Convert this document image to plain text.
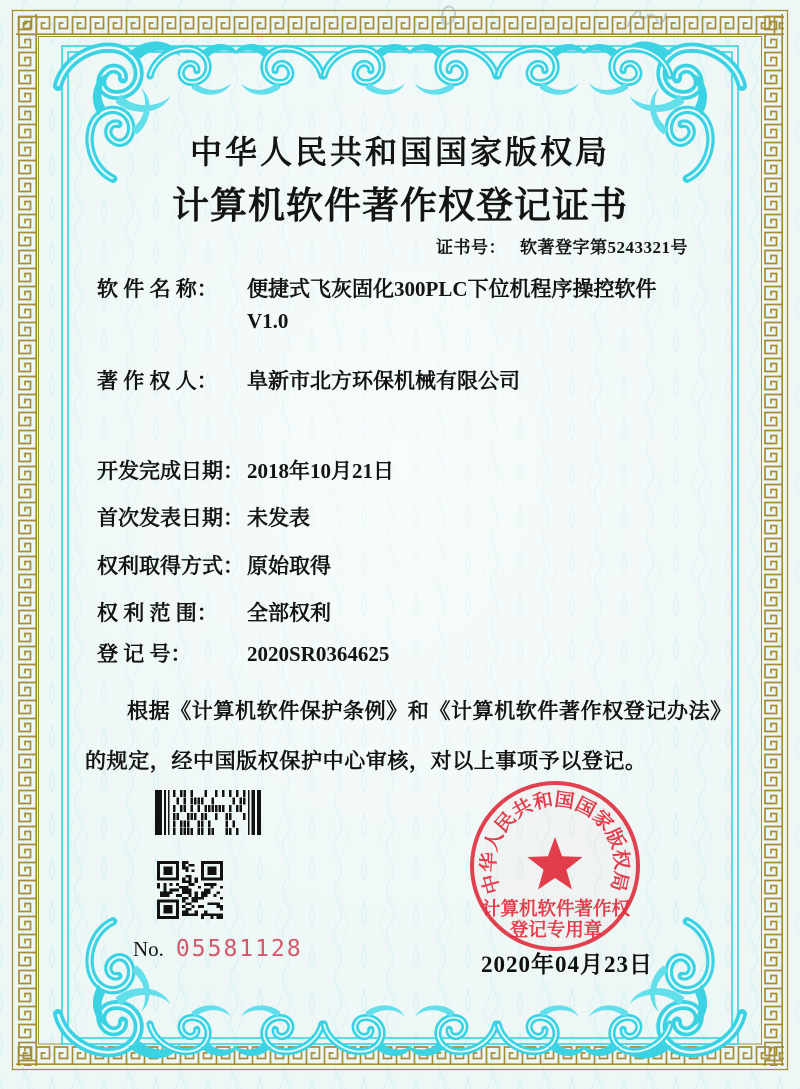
中华人民共和国国家版权局
计算机软件著作权登记证书
证书号： 软著登字第5243321号
软 件 名 称： 便捷式飞灰固化300PLC下位机程序操控软件
V1.0
著 作 权 人： 阜新市北方环保机械有限公司
开发完成日期： 2018年10月21日
首次发表日期： 未发表
权利取得方式： 原始取得
权 利 范 围： 全部权利
登 记 号：	2020SR0364625
根据《计算机软件保护条例》和《计算机软件著作权登记办法》的规定，经中国版权保护中心审核，对以上事项予以登记。
No. 05581128
中华人民共和国国家版权局
计算机软件著作权
登记专用章
2020年04月23日
